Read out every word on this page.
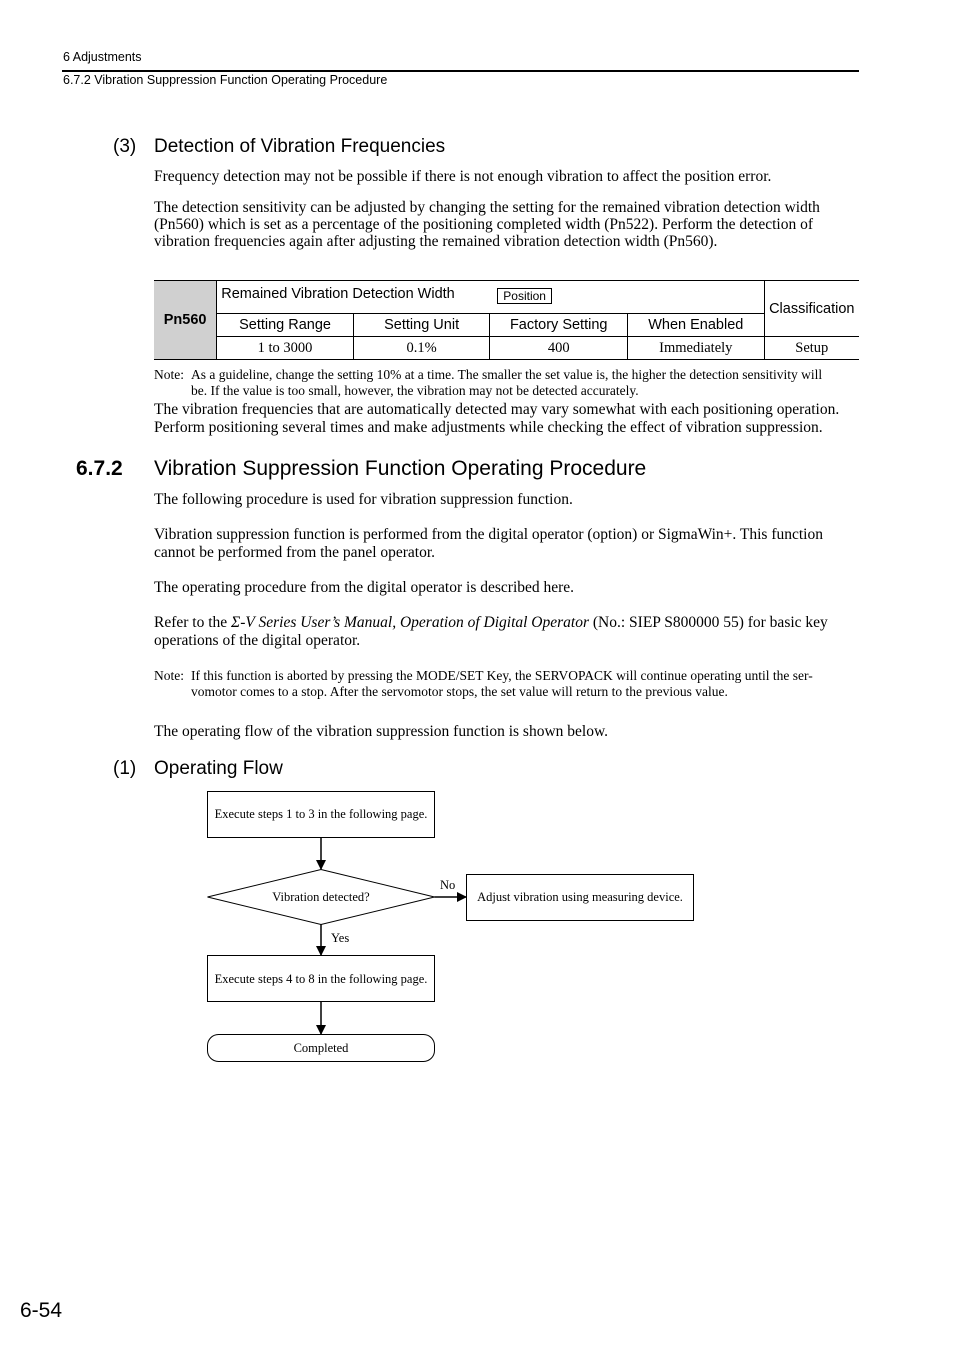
6 Adjustments
6.7.2 Vibration Suppression Function Operating Procedure
(3) Detection of Vibration Frequencies
Frequency detection may not be possible if there is not enough vibration to affect the position error.
The detection sensitivity can be adjusted by changing the setting for the remained vibration detection width
(Pn560) which is set as a percentage of the positioning completed width (Pn522). Perform the detection of
vibration frequencies again after adjusting the remained vibration detection width (Pn560).
Pn560	Remained Vibration Detection Width Position				Classification
	Setting Range	Setting Unit	Factory Setting	When Enabled	
	1 to 3000	0.1%	400	Immediately	Setup
Note: As a guideline, change the setting 10% at a time. The smaller the set value is, the higher the detection sensitivity will
be. If the value is too small, however, the vibration may not be detected accurately.
The vibration frequencies that are automatically detected may vary somewhat with each positioning operation.
Perform positioning several times and make adjustments while checking the effect of vibration suppression.
6.7.2 Vibration Suppression Function Operating Procedure
The following procedure is used for vibration suppression function.
Vibration suppression function is performed from the digital operator (option) or SigmaWin+. This function
cannot be performed from the panel operator.
The operating procedure from the digital operator is described here.
Refer to the Σ-V Series User’s Manual, Operation of Digital Operator (No.: SIEP S800000 55) for basic key
operations of the digital operator.
Note: If this function is aborted by pressing the MODE/SET Key, the SERVOPACK will continue operating until the ser-
vomotor comes to a stop. After the servomotor stops, the set value will return to the previous value.
The operating flow of the vibration suppression function is shown below.
(1) Operating Flow
Execute steps 1 to 3 in the following page.
Vibration detected?
No
Adjust vibration using measuring device.
Yes
Execute steps 4 to 8 in the following page.
Completed
6-54
